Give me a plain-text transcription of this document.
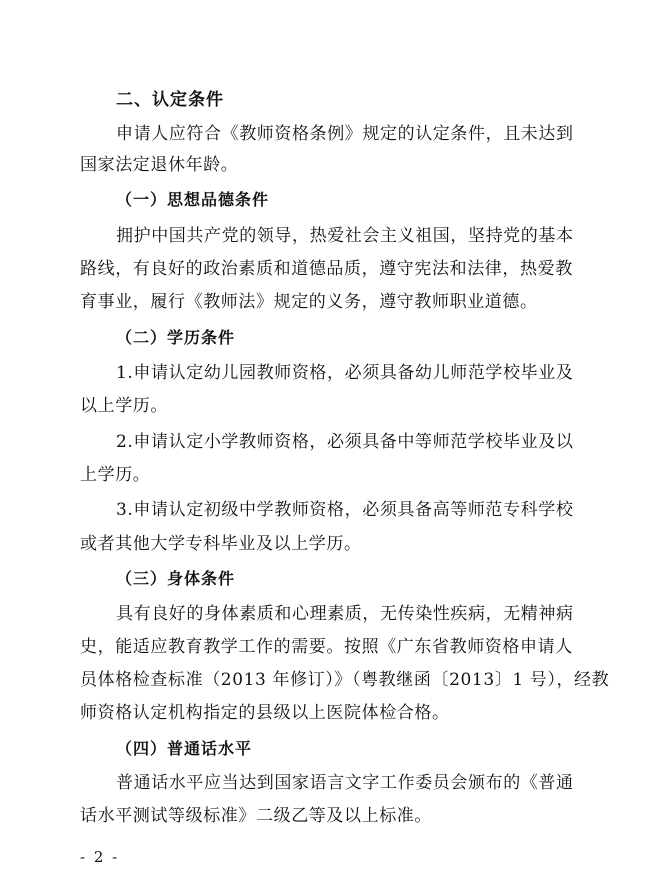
二、认定条件
申请人应符合《教师资格条例》规定的认定条件，且未达到
国家法定退休年龄。
（一）思想品德条件
拥护中国共产党的领导，热爱社会主义祖国，坚持党的基本
路线，有良好的政治素质和道德品质，遵守宪法和法律，热爱教
育事业，履行《教师法》规定的义务，遵守教师职业道德。
（二）学历条件
1.申请认定幼儿园教师资格，必须具备幼儿师范学校毕业及
以上学历。
2.申请认定小学教师资格，必须具备中等师范学校毕业及以
上学历。
3.申请认定初级中学教师资格，必须具备高等师范专科学校
或者其他大学专科毕业及以上学历。
（三）身体条件
具有良好的身体素质和心理素质，无传染性疾病，无精神病
史，能适应教育教学工作的需要。按照《广东省教师资格申请人
员体格检查标准（2013 年修订）》（粤教继函〔2013〕1 号），经教
师资格认定机构指定的县级以上医院体检合格。
（四）普通话水平
普通话水平应当达到国家语言文字工作委员会颁布的《普通
话水平测试等级标准》二级乙等及以上标准。
- 2 -
